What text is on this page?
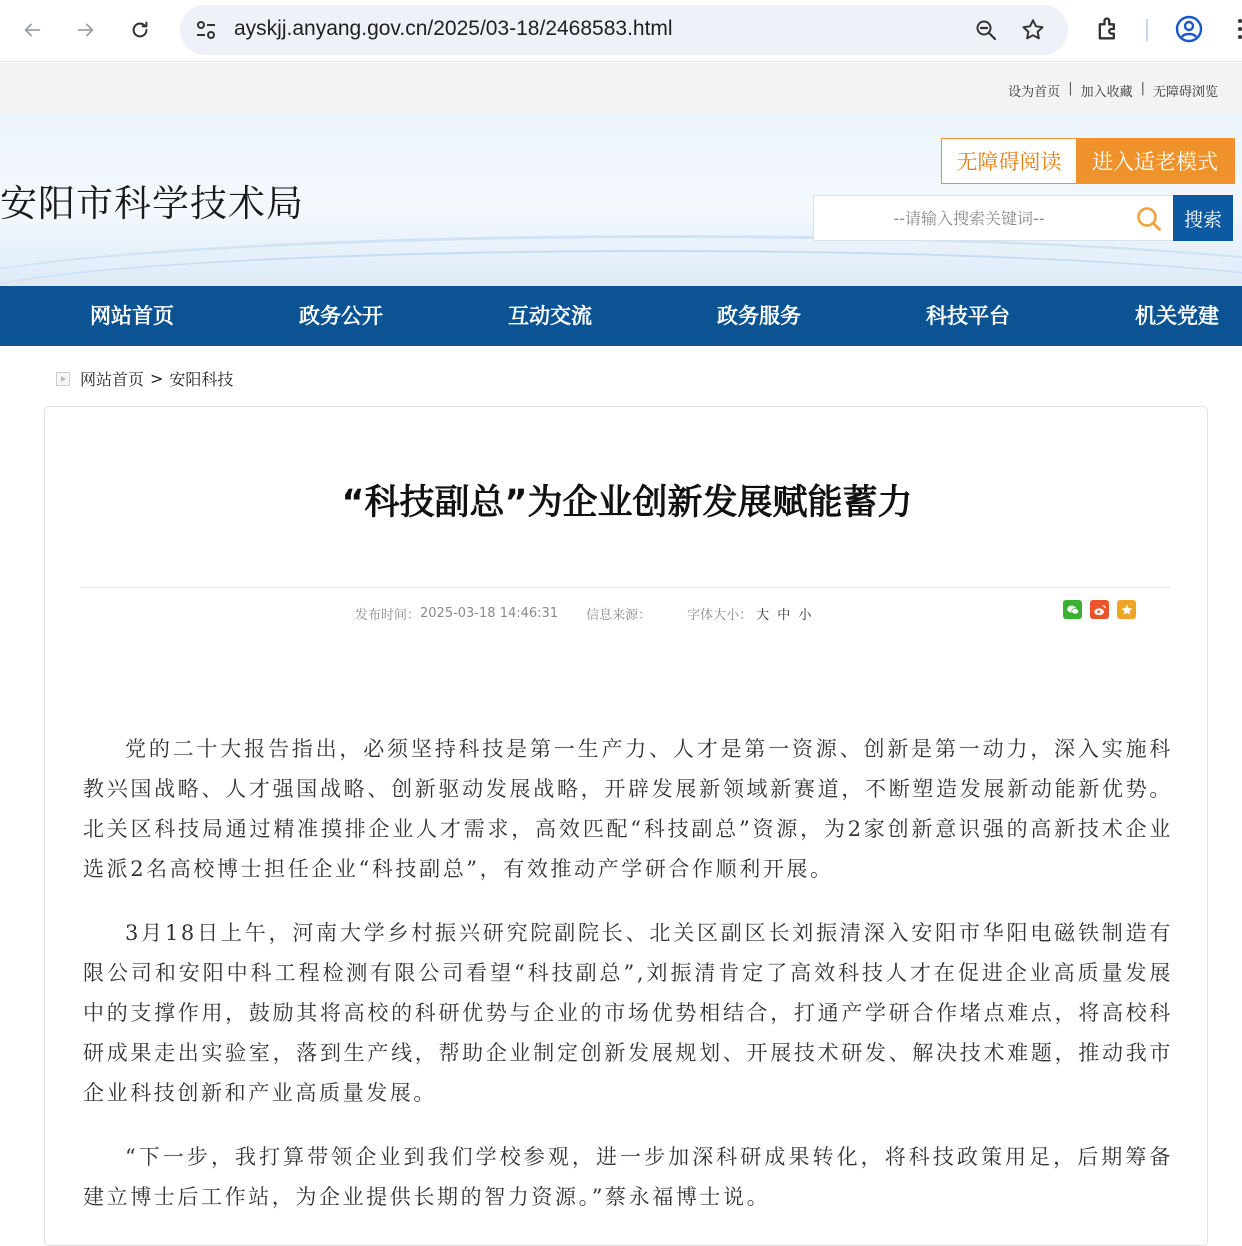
ayskjj.anyang.gov.cn/2025/03-18/2468583.html
设为首页 | 加入收藏 | 无障碍浏览
安阳市科学技术局
无障碍阅读	进入适老模式
--请输入搜索关键词--
搜索
网站首页	政务公开	互动交流	政务服务	科技平台	机关党建
网站首页 > 安阳科技
“科技副总”为企业创新发展赋能蓄力
发布时间： 2025-03-18 14:46:31 信息来源：	字体大小： 大 中 小

党的二十大报告指出，必须坚持科技是第一生产力、人才是第一资源、创新是第一动力，深入实施科教兴国战略、人才强国战略、创新驱动发展战略，开辟发展新领域新赛道，不断塑造发展新动能新优势。北关区科技局通过精准摸排企业人才需求，高效匹配“科技副总”资源，为2家创新意识强的高新技术企业选派2名高校博士担任企业“科技副总”，有效推动产学研合作顺利开展。

3月18日上午，河南大学乡村振兴研究院副院长、北关区副区长刘振清深入安阳市华阳电磁铁制造有限公司和安阳中科工程检测有限公司看望“科技副总”,刘振清肯定了高效科技人才在促进企业高质量发展中的支撑作用，鼓励其将高校的科研优势与企业的市场优势相结合，打通产学研合作堵点难点，将高校科研成果走出实验室，落到生产线，帮助企业制定创新发展规划、开展技术研发、解决技术难题，推动我市企业科技创新和产业高质量发展。

“下一步，我打算带领企业到我们学校参观，进一步加深科研成果转化，将科技政策用足，后期筹备建立博士后工作站，为企业提供长期的智力资源。”蔡永福博士说。
